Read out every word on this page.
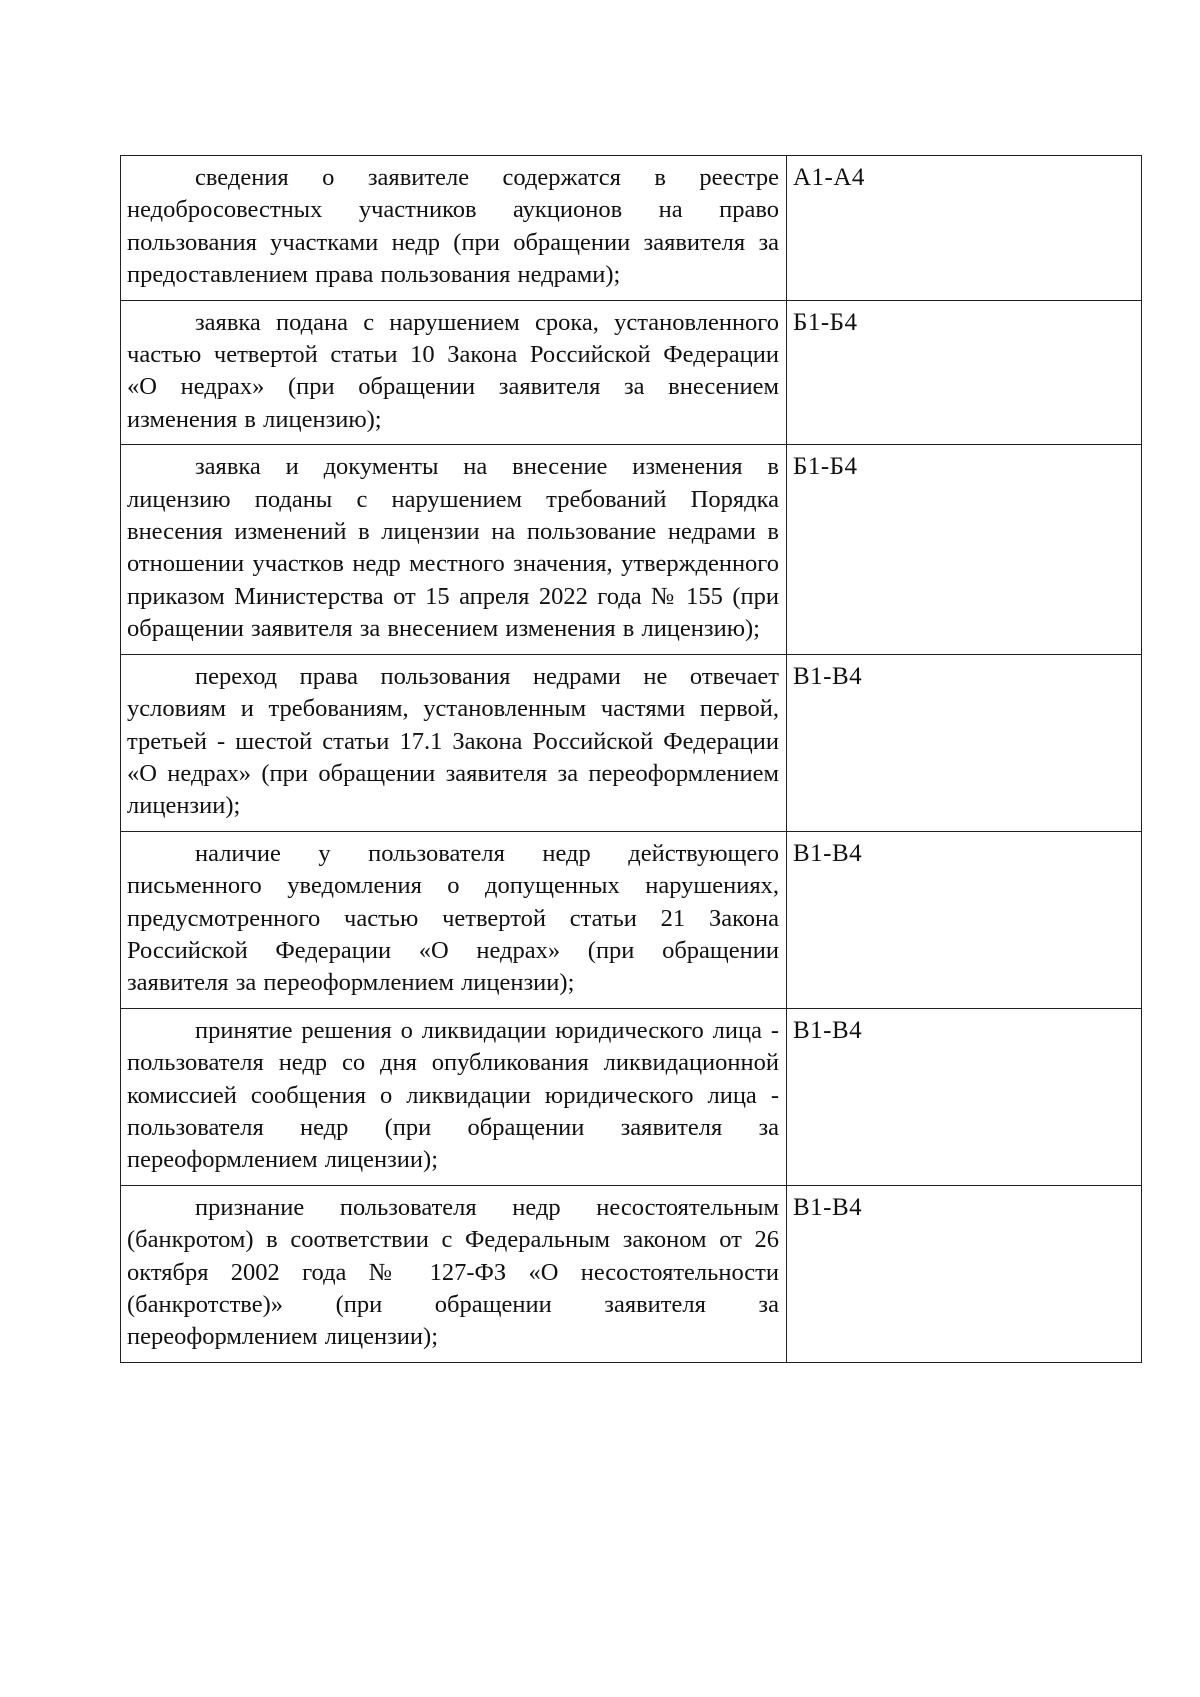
сведения о заявителе содержатся в реестре недобросовестных участников аукционов на право пользования участками недр (при обращении заявителя за предоставлением права пользования недрами);	А1-А4
заявка подана с нарушением срока, установленного частью четвертой статьи 10 Закона Российской Федерации «О недрах» (при обращении заявителя за внесением изменения в лицензию);	Б1-Б4
заявка и документы на внесение изменения в лицензию поданы с нарушением требований Порядка внесения изменений в лицензии на пользование недрами в отношении участков недр местного значения, утвержденного приказом Министерства от 15 апреля 2022 года № 155 (при обращении заявителя за внесением изменения в лицензию);	Б1-Б4
переход права пользования недрами не отвечает условиям и требованиям, установленным частями первой, третьей - шестой статьи 17.1 Закона Российской Федерации «О недрах» (при обращении заявителя за переоформлением лицензии);	В1-В4
наличие у пользователя недр действующего письменного уведомления о допущенных нарушениях, предусмотренного частью четвертой статьи 21 Закона Российской Федерации «О недрах» (при обращении заявителя за переоформлением лицензии);	В1-В4
принятие решения о ликвидации юридического лица - пользователя недр со дня опубликования ликвидационной комиссией сообщения о ликвидации юридического лица - пользователя недр (при обращении заявителя за переоформлением лицензии);	В1-В4
признание пользователя недр несостоятельным (банкротом) в соответствии с Федеральным законом от 26 октября 2002 года № 127-ФЗ «О несостоятельности (банкротстве)» (при обращении заявителя за переоформлением лицензии);	В1-В4
